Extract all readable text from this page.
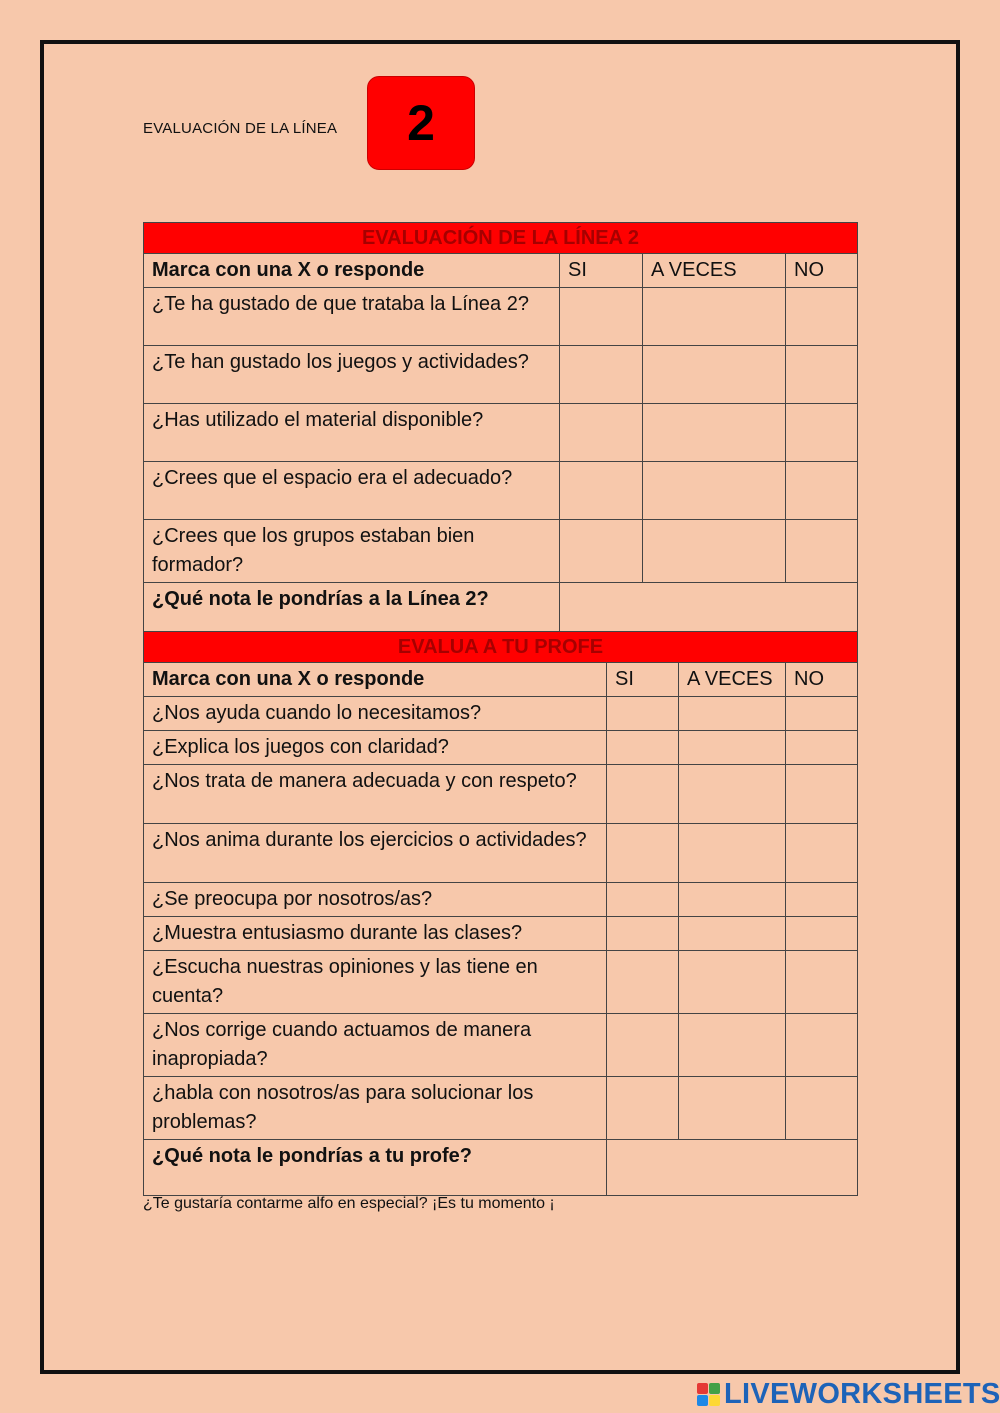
EVALUACIÓN DE LA LÍNEA	2
EVALUACIÓN DE LA LÍNEA 2			
Marca con una X o responde	SI	A VECES	NO
¿Te ha gustado de que trataba la Línea 2?			
¿Te han gustado los juegos y actividades?			
¿Has utilizado el material disponible?			
¿Crees que el espacio era el adecuado?			
¿Crees que los grupos estaban bien formador?			
¿Qué nota le pondrías a la Línea 2?			
EVALUA A TU PROFE			
Marca con una X o responde	SI	A VECES	NO
¿Nos ayuda cuando lo necesitamos?			
¿Explica los juegos con claridad?			
¿Nos trata de manera adecuada y con respeto?			
¿Nos anima durante los ejercicios o actividades?			
¿Se preocupa por nosotros/as?			
¿Muestra entusiasmo durante las clases?			
¿Escucha nuestras opiniones y las tiene en cuenta?			
¿Nos corrige cuando actuamos de manera inapropiada?			
¿habla con nosotros/as para solucionar los problemas?			
¿Qué nota le pondrías a tu profe?			
¿Te gustaría contarme alfo en especial? ¡Es tu momento ¡
LIVEWORKSHEETS
